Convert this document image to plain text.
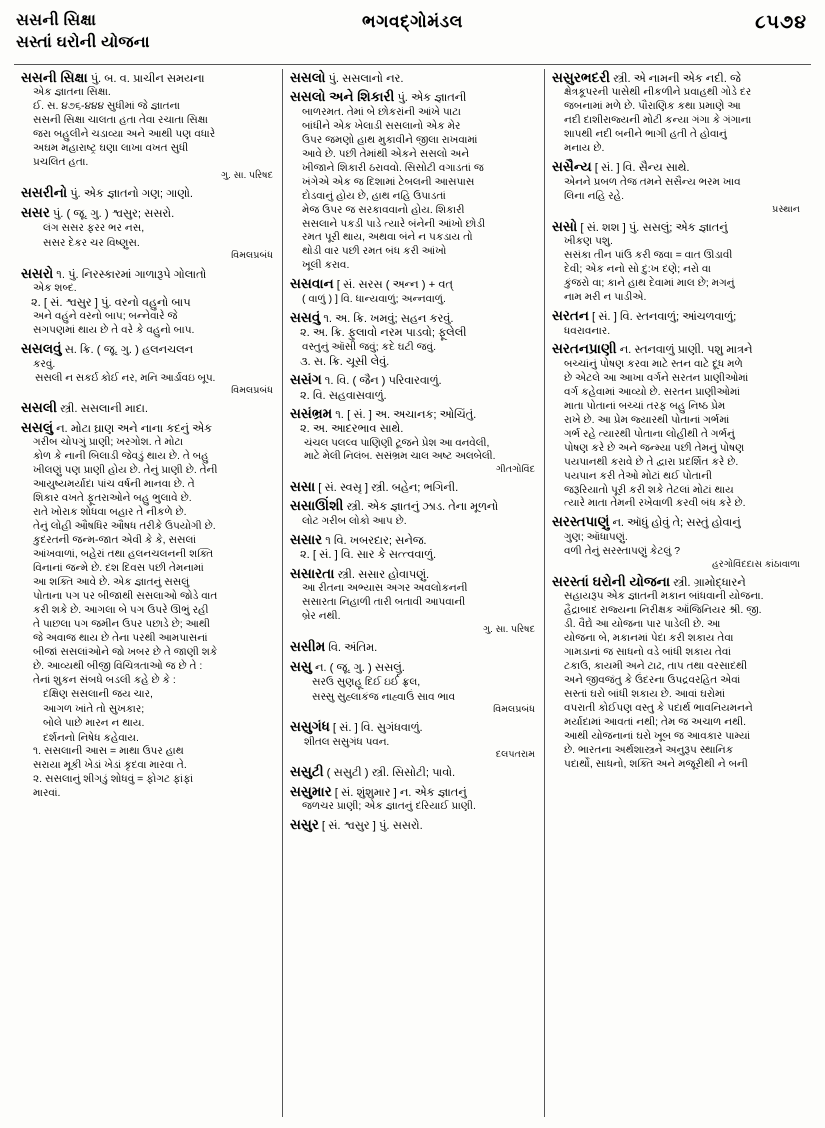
સસની સિક્ષા
સસ્તાં ઘરોની યોજના
ભગવદ્ગોમંડલ	૮૫૭૪
સસની સિક્ષા પું. બ. વ. પ્રાચીન સમયના
એક જ્ઞાતના સિક્ષા.
ઈ. સ. ૪૭૬-૪૪૪ સુધીમાં જે જ્ઞાતના
સસની સિક્ષા ચાલતા હતા તેવા રચાતા સિક્ષા
જરા બહુલીને ચડાવ્યા અને આથી પણ વધારે
અઘમ મહારાષ્ટ્ર ઘણા લાખા વખત સુધી
પ્રચલિત હતા.
ગુ. સા. પરિષદ
સસરીનો પું. એક જ્ઞાતનો ગણ; ગાણો.
સસર પું. ( જૂ. ગુ. ) શ્વસુર; સસરો.
લંગ સસર ફરર ભર નસ,
સસર દેકર ચર વિષ્ણુસ.
વિમલપ્રબંધ
સસરો ૧. પું. નિરસ્કારમાં ગાળારૂપે ગોલાતો
એક શબ્દ.
૨. [ સં. શ્વસુર ] પું. વરનો વહુનો બાપ
અને વહુંને વરનો બાપ; બન્નેવારે જે
સગપણમાં થાય છે તે વરે કે વહુનો બાપ.
સસલવું સ. ક્રિ. ( જૂ. ગુ. ) હલનચલન
કરવું.
સસલી ન સકર્ઇ કોઈ નર, મનિ આર્ડાવઇ બૂપ.
વિમલપ્રબંધ
સસલી સ્ત્રી. સસલાની માદા.
સસલું ન. મોટા ઘ્રાણ અને નાના કદનું એક
ગરીબ ચોપગું પ્રાણી; ખરગોશ. તે મોટા
કોળ કે નાની બિલાડી જેવડું થાય છે. તે બહુ
ખીલણું પણ પ્રાણી હોય છે. તેનું પ્રાણી છે. તેની
આયુષ્યમર્યાદા પાંચ વર્ષની માનવા છે. તે
શિકાર વખતે ફૂતરાઓને બહુ ભુલાવે છે.
રાતે ખોરાક શોધવા બહાર તે નીકળે છે.
તેનું લોહી ઔષધિર ઔષધ તરીકે ઉપયોગી છે.
કુદરતની જન્મ-જાત એવી કે કે, સસલાં
આંખવાળાં, બહેરાં તથા હલનચલનની શક્તિ
વિનાનાં જન્મે છે. દશ દિવસ પછી તેમનામાં
આ શક્તિ આવે છે. એક જ્ઞાતનું સસલું
પોતાના પગ પર બીજાથી સસલાઓ જોડે વાત
કરી શકે છે. આગલા બે પગ ઉપરે ઊભું રહી
તે પાછલા પગ જમીન ઉપર પછાડે છે; આથી
જે અવાજ થાય છે તેના પરથી આમપાસનાં
બીજાં સસલાંઓને જો ખબર છે તે જાણી શકે
છે. આવ્યથી બીજી વિચિત્રતાઓ જ છે તે :
તેનાં શુકન સંબધે બડલી કહે છે કે :
દક્ષિણ સસલાની જય ચાર,
આગળ ખાંતે તો સુખકાર;
બોલે પાછે મારન ન થાય.
દર્શનનો નિષેધ કહેવાય.
૧. સસલાની આસ = માથા ઉપર હાથ
સરાયા મૂકી ખેડાં ખેડાં કૃદવા મારવા તે.
૨. સસલાનું શીગડું શોધવું = ફોગટ ફાંફાં
મારવાં.
સસલો પું. સસલાનો નર.
સસલો અને શિકારી પું. એક જ્ઞાતની
બાળરમત. તેમાં બે છોકરાંની આંખે પાટા
બાંધીને એક ખેલાડી સસલાનો એક મેર
ઉપર જમણો હાથ મુકાવીને જીલા રાખવામાં
આવે છે. પછી તેમાંથી એકને સસલો અને
ખીજાને શિકારી ઠરાવવો. સિસોટી વગાડતાં જ
ખંગેએ એક જ દિશામાં ટેબલની આસપાસ
દોડવાનું હોય છે, હાથ નહિ ઉપાડતાં
મેજ ઉપર જ સરકાવવાનો હોય. શિકારી
સસલાને પકડી પાડે ત્યારે બંનેની આંખો છોડી
રમત પૂરી થાય, અથવા બંને ન પકડાય તો
થોડી વાર પછી રમત બંધ કરી આંખો
ખૂલી કરાવ.
સસવાન [ સં. સરસ ( અન્ન ) + વત્
( વાળું ) ] વિ. ધાન્યવાળું; અન્નવાળું.
સસવું ૧. અ. ક્રિ. ખમવું; સહન કરવું.
૨. અ. ક્રિ. ફુલાવો નરમ પાડવો; ફૂલેલી
વસ્તુનું ઑસી જવું; કદે ઘટી જવું.
૩. સ. ક્રિ. ચૂસી લેવું.
સસંગ ૧. વિ. ( જૈન ) પરિવારવાળું.
૨. વિ. સહવાસવાળું.
સસંભ્રમ ૧. [ સં. ] અ. અચાનક; ઓચિંતું.
૨. અ. આદરભાવ સાથે.
ચંચલ પલલ્વ પાણિણી ટૂજને પ્રેશ આ વનવેલી,
માટે મેલી નિલંબ. સસંભ્રમ ચાલ અષ્ટ અલબેલી.
ગીતગોવિંદ
સસા [ સં. સ્વસૃ ] સ્ત્રી. બહેન; ભગિની.
સસાઊંશી સ્ત્રી. એક જ્ઞાતનું ઝાડ. તેના મૂળનો
લોટ ગરીબ લોકો આપ છે.
સસાર ૧ વિ. ખબરદાર; સનેજ.
૨. [ સં. ] વિ. સાર કે સત્ત્વવાળું.
સસારતા સ્ત્રી. સસાર હોવાપણું.
આ રીતના અભ્યાસ અગર અવલોકનની
સસારતા નિહાળી તારી બતાવી આપવાની
બ્રેર નથી.
ગુ. સા. પરિષદ
સસીમ વિ. અંતિમ.
સસુ ન. ( જૂ. ગુ. ) સસલું.
સરઉ સુણહૂ દિઈ ઇર્ઈ ફ્રલ,
સસ્સુ સુહ્લાકંજ નાહ્વાઉં સાવ ભાવ
વિમલપ્રબંધ
સસુગંધ [ સં. ] વિ. સુગંધવાળું.
શીતલ સસુગંધ પવન.
દલપતરામ
સસુટી ( સસુટી ) સ્ત્રી. સિસોટી; પાવો.
સસુમાર [ સં. શુંશુમાર ] ન. એક જ્ઞાતનું
જળચર પ્રાણી; એક જ્ઞાતનું દરિયાઈ પ્રાણી.
સસુર [ સં. શ્વસુર ] પું. સસરો.
સસુરભદરી સ્ત્રી. એ નામની એક નદી. જે
ક્ષેત્રકૂપરની પાસેથી નીકળીને પ્રવાહથી ગોડે દર
જબનામાં મળે છે. પૌરાણિક કથા પ્રમાણે આ
નદી દાશીરાજ્યની મોટી કન્યા ગંગા કે ગંગાના
શાપથી નદી બનીને ભાગી હતી તે હોવાનું
મનાય છે.
સસૈન્ય [ સં. ] વિ. સૈન્ય સાથે.
એનને પ્રબળ તેજ તમને સસૈન્ય ભરમ ખાવ
લિના નહિ રહે.
પ્રસ્થાન
સસો [ સં. શશ ] પું. સસલું; એક જ્ઞાતનું
ખીકણ પશુ.
સસંકા તીન પાંઉ કરી જવા = વાત ઊડાવી
દેવી; એક નનો સો દુ:ખ દણે; નરો વા
કુંજરો વા; કાને હાથ દેવામાં માલ છે; મગનું
નામ મરી ન પાડીએ.
સરતન [ સં. ] વિ. સ્તનવાળું; આંચળવાળું;
ધવરાવનાર.
સરતનપ્રાણી ન. સ્તનવાળું પ્રાણી. પશુ માત્રને
બચ્ચાંનું પોષણ કરવા માટે સ્તન વાટે દૂધ મળે
છે એટલે આ આખા વર્ગને સરતન પ્રાણીઓમાં
વર્ગ કહેવામાં આવ્યો છે. સરતન પ્રાણીઓમાં
માતા પોતાનાં બચ્ચાં તરફ બહુ નિષ્ઠ પ્રેમ
રાખે છે. આ પ્રેમ જ્યારથી પોતાનાં ગર્ભમાં
ગર્ભ રહે ત્યારથી પોતાના લોહીથી તે ગર્ભનું
પોષણ કરે છે અને જન્મ્યા પછી તેમનું પોષણ
પયપાનથી કરાવે છે તે દ્વારા પ્રદર્શિત કરે છે.
પયપાન કરી તેઓ મોટાં થઈ પોતાની
જરૂરિયાતો પૂરી કરી શકે તેટલાં મોટાં થાય
ત્યારે માતા તેમની રખેવાળી કરવી બંધ કરે છે.
સરસ્તપાણું ન. ઑધું હોવું તે; સસ્તું હોવાનું
ગુણ; ઑધાપણું.
વળી તેનું સરસ્તાપણું કેટલું ?
હરગોવિંદદાસ કાંઠાવાળા
સરસ્તાં ઘરોની યોજના સ્ત્રી. ગ્રામોદ્ધારને
સહાયરૂપ એક જ્ઞાતની મકાન બાંધવાની યોજના.
હૈદ્રાબાદ રાજ્યના નિરીક્ષક ઑંજિનિયર શ્રી. જી.
ડી. વૈદ્યે આ યોજના પાર પાડેલી છે. આ
યોજના બે, મકાનમાં પેદા કરી શકાય તેવા
ગામડાનાં જ સાધનો વડે બાંધી શકાય તેવાં
ટકાઉ, કાયમી અને ટાઢ, તાપ તથા વરસાદથી
અને જીવજંતુ કે ઉંદરના ઉપદ્રવરહિત એવાં
સસ્તાં ઘરો બાંધી શકાય છે. આવાં ઘરોમાં
વપરાતી કોઈપણ વસ્તુ કે પદાર્થ ભાવનિયમનને
મર્યાદામાં આવતાં નથી; તેમ જ અચાળ નથી.
આથી યોજનાનાં ઘરો ખૂબ જ આવકાર પામ્યાં
છે. ભારતના અર્થશાસ્ત્રને અનુરૂપ સ્થાનિક
પદાર્થો, સાધનો, શક્તિ અને મજૂરીથી ને બની
